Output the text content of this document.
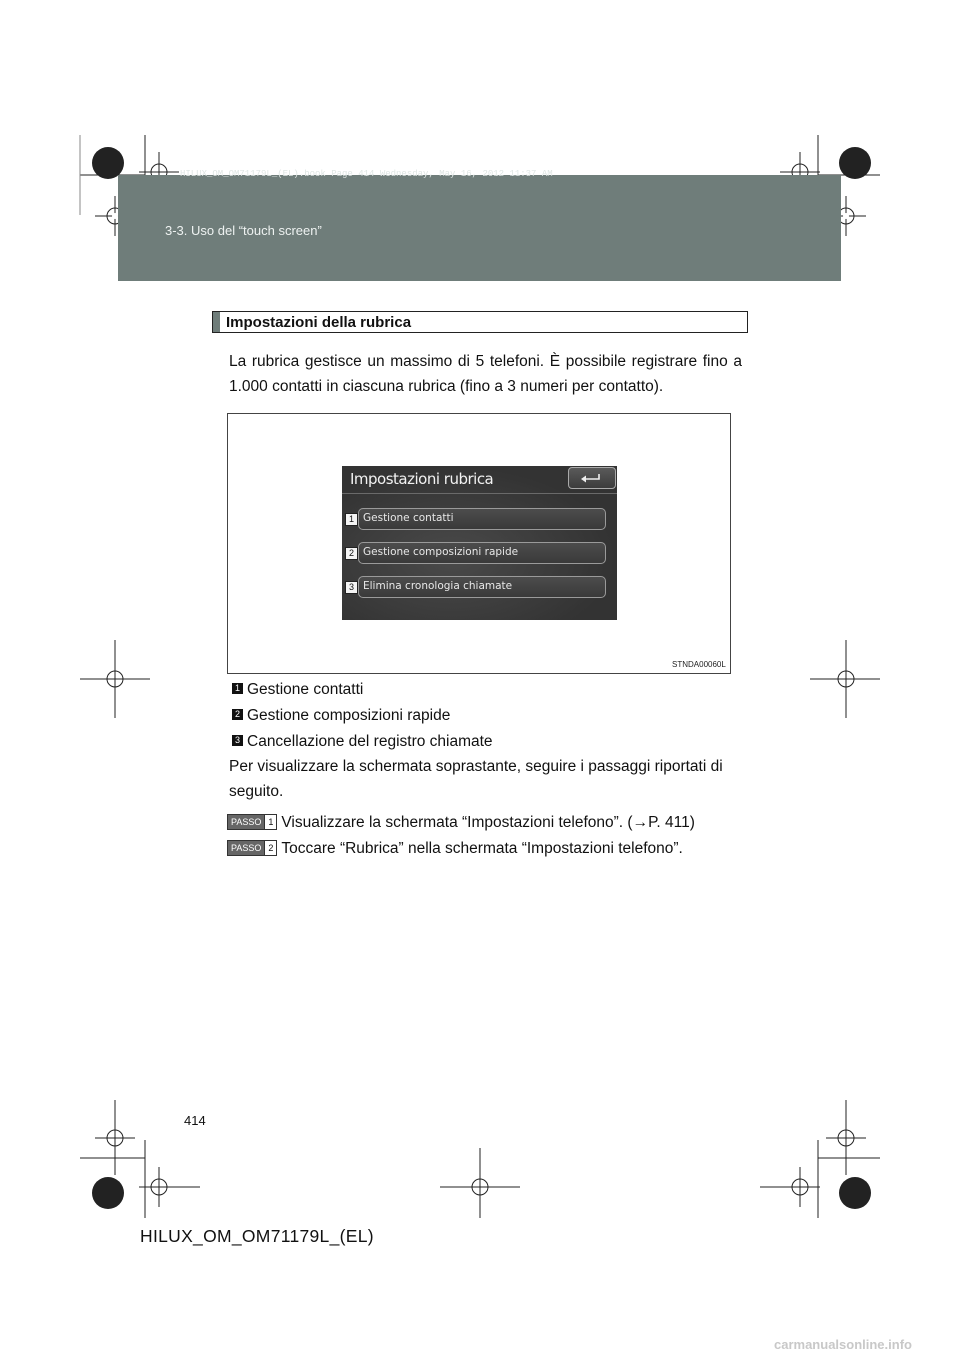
HILUX_OM_OM71179L_(EL).book Page 414 Wednesday, May 16, 2012 11:37 AM
3-3. Uso del “touch screen”
Impostazioni della rubrica
La rubrica gestisce un massimo di 5 telefoni. È possibile registrare fino a 1.000 contatti in ciascuna rubrica (fino a 3 numeri per contatto).
Impostazioni rubrica
Gestione contatti
1
Gestione composizioni rapide
2
Elimina cronologia chiamate
3
STNDA00060L
1 Gestione contatti
2 Gestione composizioni rapide
3 Cancellazione del registro chiamate
Per visualizzare la schermata soprastante, seguire i passaggi riportati di seguito.
PASSO 1 Visualizzare la schermata “Impostazioni telefono”. (→P. 411)
PASSO 2 Toccare “Rubrica” nella schermata “Impostazioni telefono”.
414
HILUX_OM_OM71179L_(EL)
carmanualsonline.info
